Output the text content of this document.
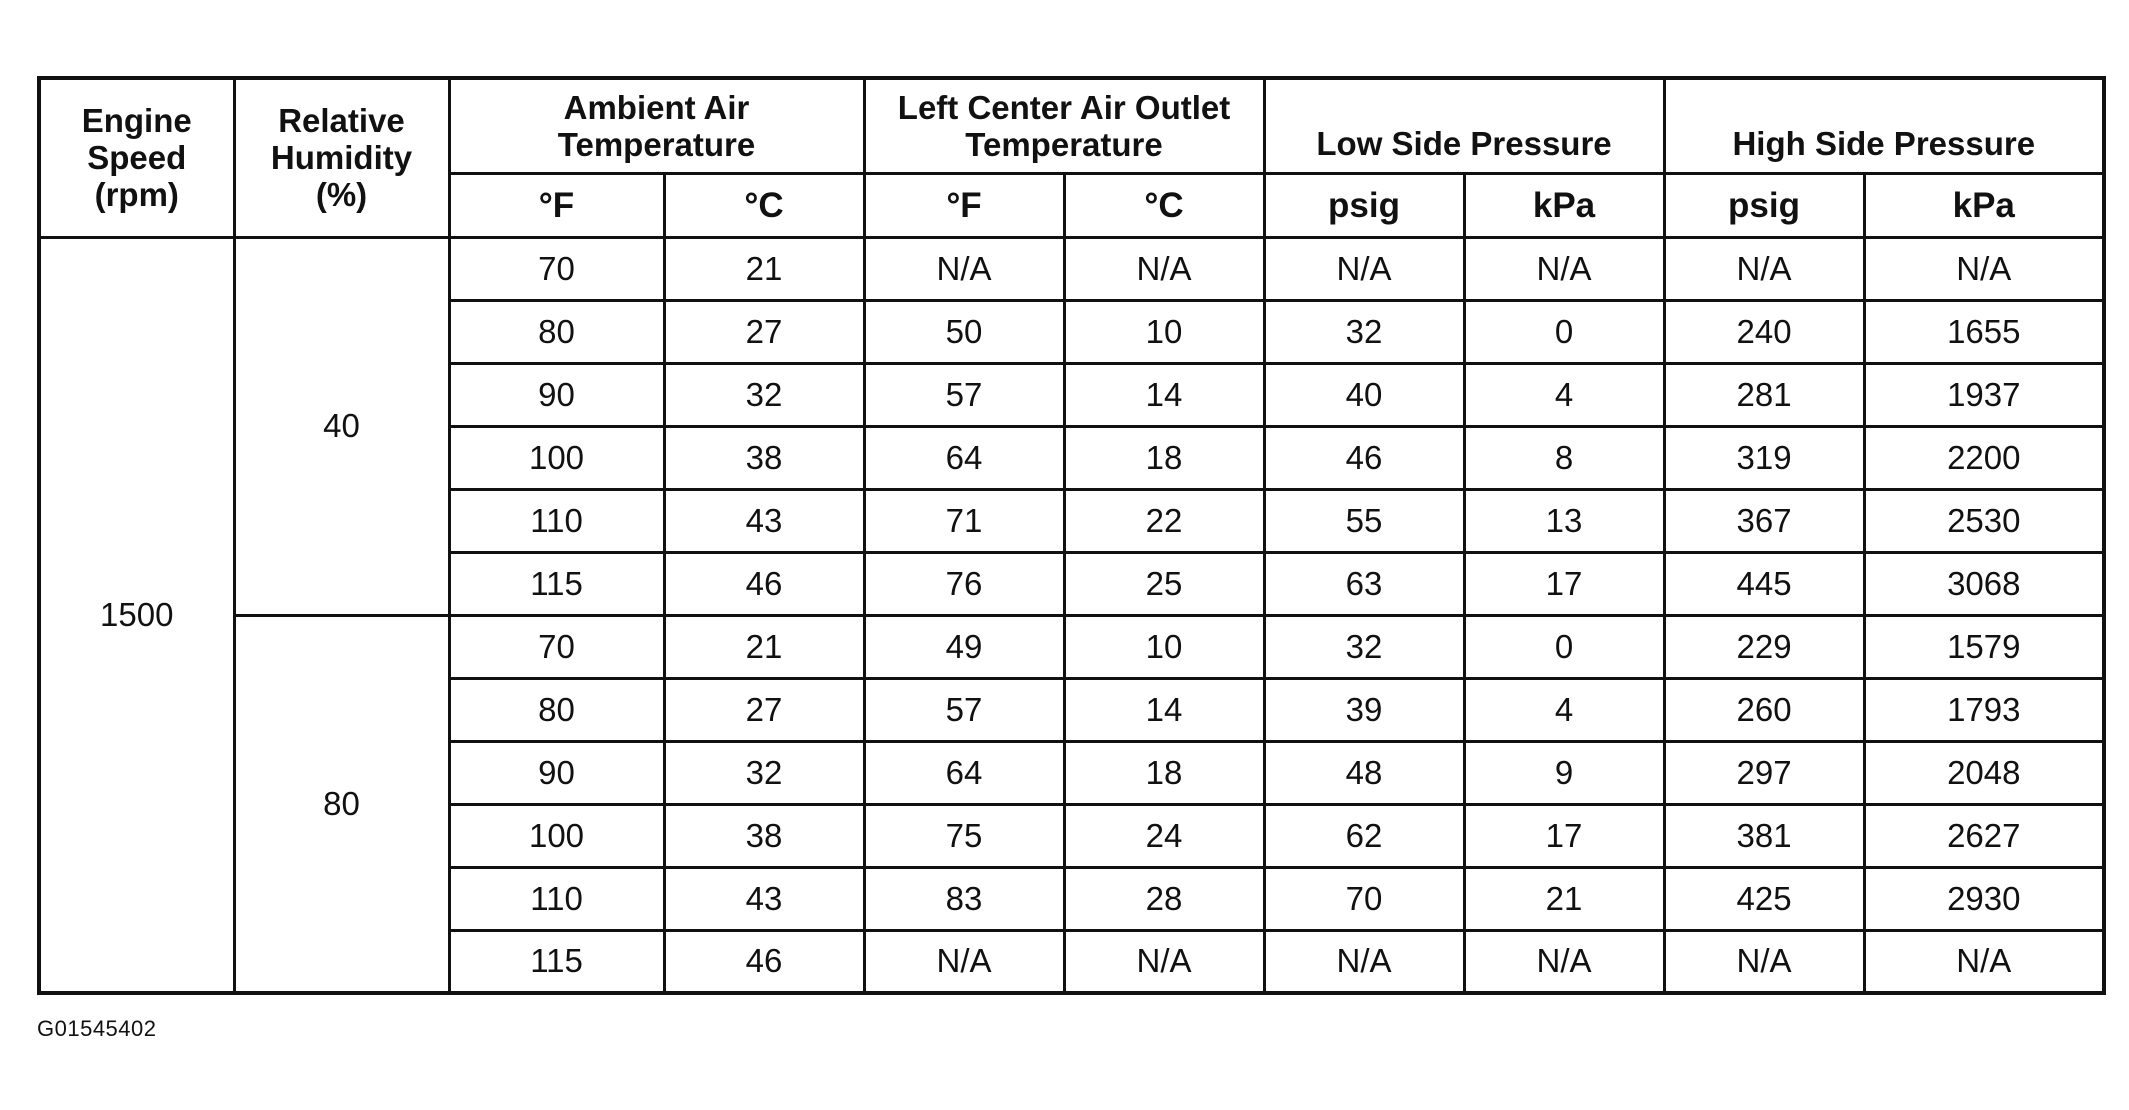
Engine
Speed
(rpm)	Relative
Humidity
(%)	Ambient Air
Temperature		Left Center Air Outlet
Temperature		Low Side Pressure		High Side Pressure	
		°F	°C	°F	°C	psig	kPa	psig	kPa
1500	40	70	21	N/A	N/A	N/A	N/A	N/A	N/A
		80	27	50	10	32	0	240	1655
		90	32	57	14	40	4	281	1937
		100	38	64	18	46	8	319	2200
		110	43	71	22	55	13	367	2530
		115	46	76	25	63	17	445	3068
	80	70	21	49	10	32	0	229	1579
		80	27	57	14	39	4	260	1793
		90	32	64	18	48	9	297	2048
		100	38	75	24	62	17	381	2627
		110	43	83	28	70	21	425	2930
		115	46	N/A	N/A	N/A	N/A	N/A	N/A
G01545402
